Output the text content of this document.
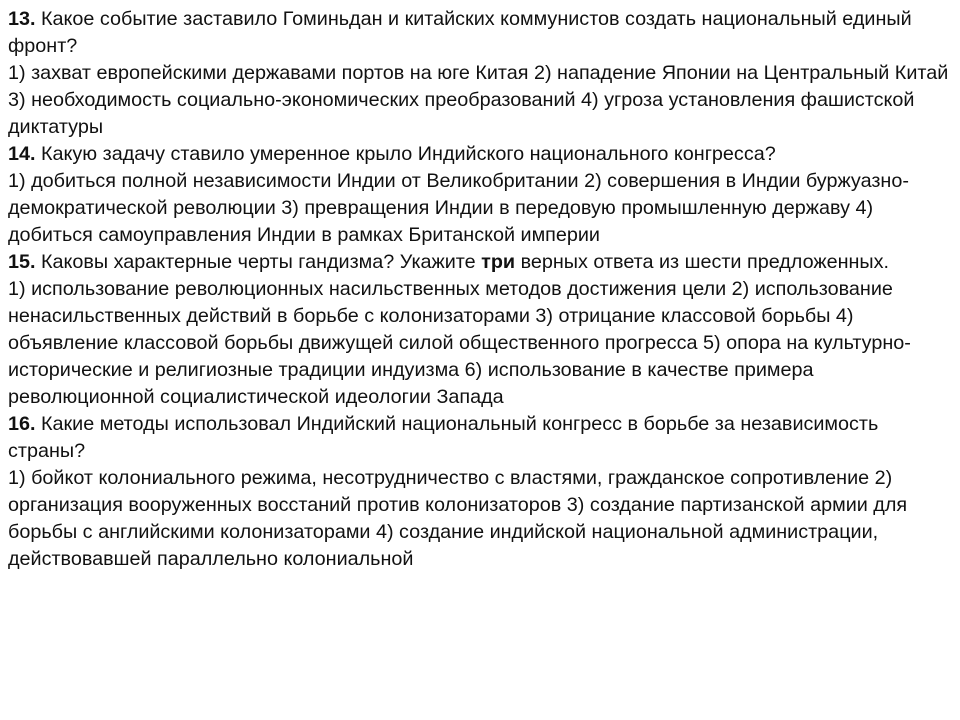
13. Какое событие заставило Гоминьдан и китайских коммунистов создать национальный единый фронт?

1) захват европейскими державами портов на юге Китая 2) нападение Японии на Центральный Китай 3) необходимость социально-экономических преобразований 4) угроза установления фашистской диктатуры

14. Какую задачу ставило умеренное крыло Индийского национального конгресса?

1) добиться полной независимости Индии от Великобритании 2) совершения в Индии буржуазно-демократической революции 3) превращения Индии в передовую промышленную державу 4) добиться самоуправления Индии в рамках Британской империи

15. Каковы характерные черты гандизма? Укажите три верных ответа из шести предложенных.

1) использование революционных насильственных методов достижения цели 2) использование ненасильственных действий в борьбе с колонизаторами 3) отрицание классовой борьбы 4) объявление классовой борьбы движущей силой общественного прогресса 5) опора на культурно-исторические и религиозные традиции индуизма 6) использование в качестве примера революционной социалистической идеологии Запада

16. Какие методы использовал Индийский национальный конгресс в борьбе за независимость страны?

1) бойкот колониального режима, несотрудничество с властями, гражданское сопротивление 2) организация вооруженных восстаний против колонизаторов 3) создание партизанской армии для борьбы с английскими колонизаторами 4) создание индийской национальной администрации, действовавшей параллельно колониальной
